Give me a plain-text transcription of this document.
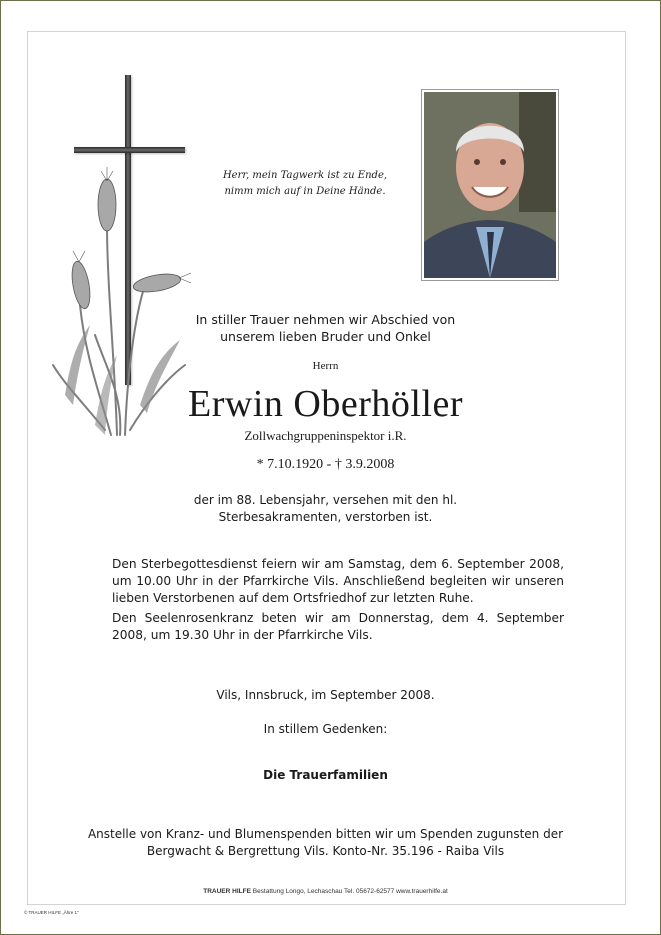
Herr, mein Tagwerk ist zu Ende,
nimm mich auf in Deine Hände.
In stiller Trauer nehmen wir Abschied von
unserem lieben Bruder und Onkel
Herrn
Erwin Oberhöller
Zollwachgruppeninspektor i.R.
* 7.10.1920 - † 3.9.2008
der im 88. Lebensjahr, versehen mit den hl.
Sterbesakramenten, verstorben ist.
Den Sterbegottesdienst feiern wir am Samstag, dem 6. September 2008, um 10.00 Uhr in der Pfarrkirche Vils. Anschließend begleiten wir unseren lieben Verstorbenen auf dem Ortsfriedhof zur letzten Ruhe.
Den Seelenrosenkranz beten wir am Donnerstag, dem 4. September 2008, um 19.30 Uhr in der Pfarrkirche Vils.
Vils, Innsbruck, im September 2008.
In stillem Gedenken:
Die Trauerfamilien
Anstelle von Kranz- und Blumenspenden bitten wir um Spenden zugunsten der
Bergwacht & Bergrettung Vils. Konto-Nr. 35.196 - Raiba Vils
TRAUER HILFE Bestattung Longo, Lechaschau Tel. 05672-62577 www.trauerhilfe.at
© TRAUER HILFE „Ähre 1"
